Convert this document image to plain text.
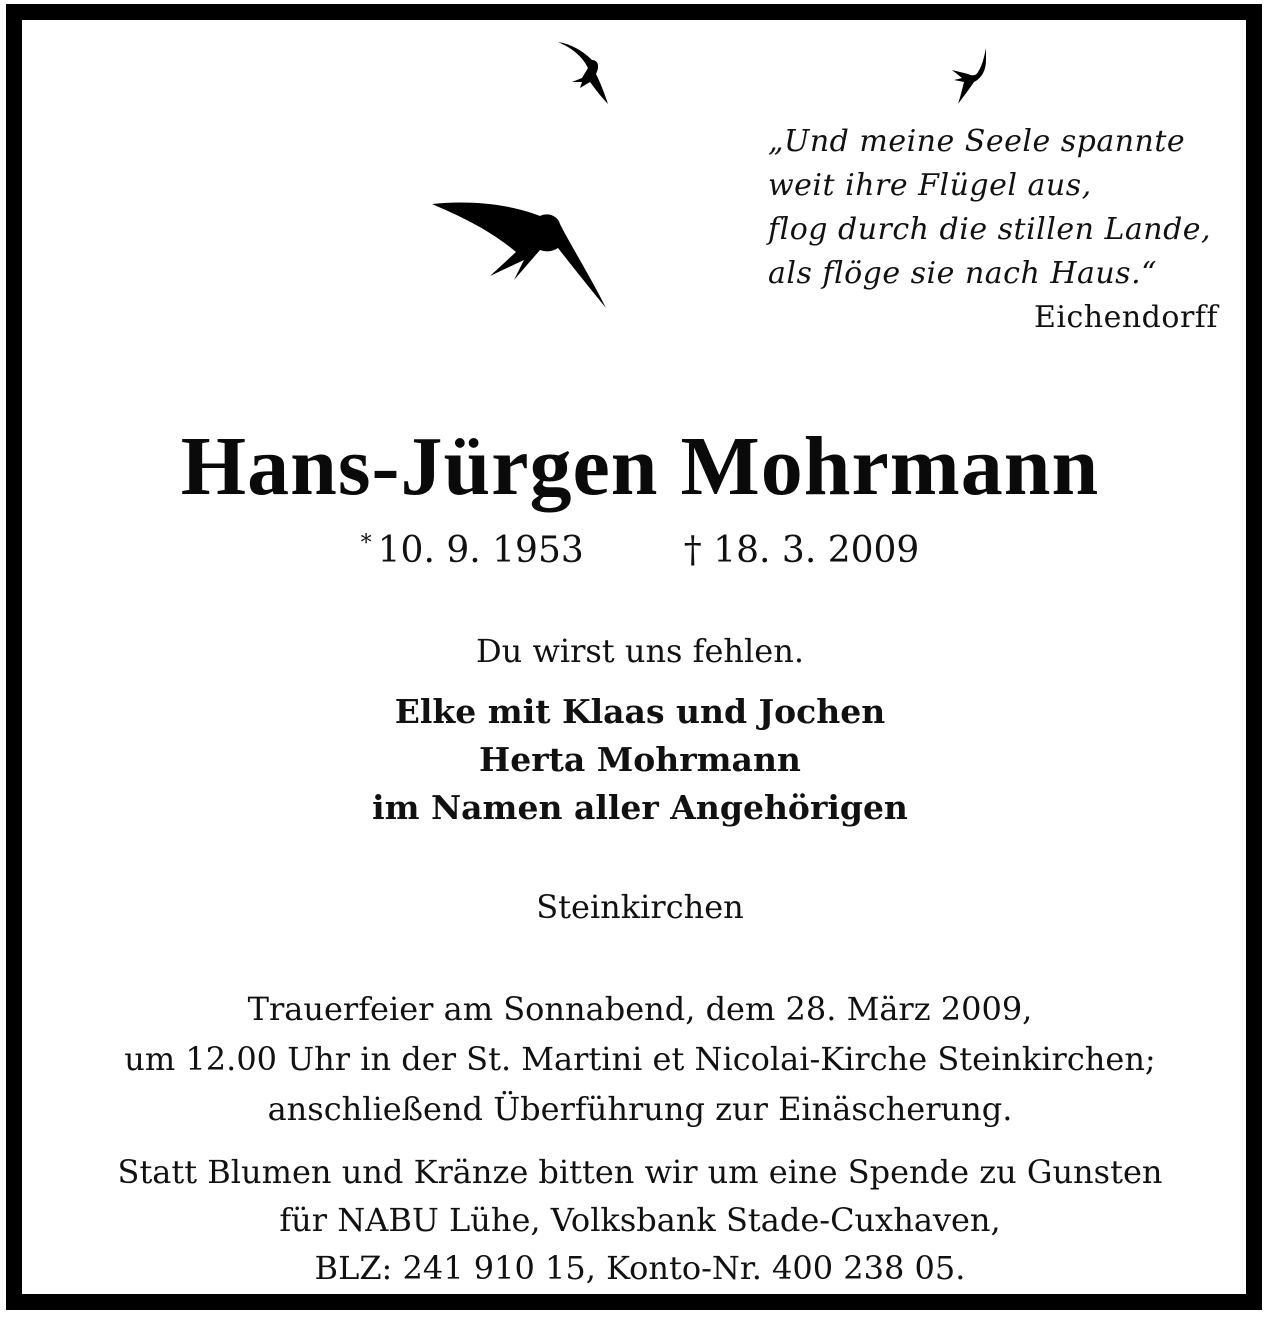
„Und meine Seele spannte
weit ihre Flügel aus,
flog durch die stillen Lande,
als flöge sie nach Haus.“
Eichendorff
Hans-Jürgen Mohrmann
* 10. 9. 1953	† 18. 3. 2009
Du wirst uns fehlen.
Elke mit Klaas und Jochen
Herta Mohrmann
im Namen aller Angehörigen
Steinkirchen
Trauerfeier am Sonnabend, dem 28. März 2009,
um 12.00 Uhr in der St. Martini et Nicolai-Kirche Steinkirchen;
anschließend Überführung zur Einäscherung.
Statt Blumen und Kränze bitten wir um eine Spende zu Gunsten
für NABU Lühe, Volksbank Stade-Cuxhaven,
BLZ: 241 910 15, Konto-Nr. 400 238 05.
